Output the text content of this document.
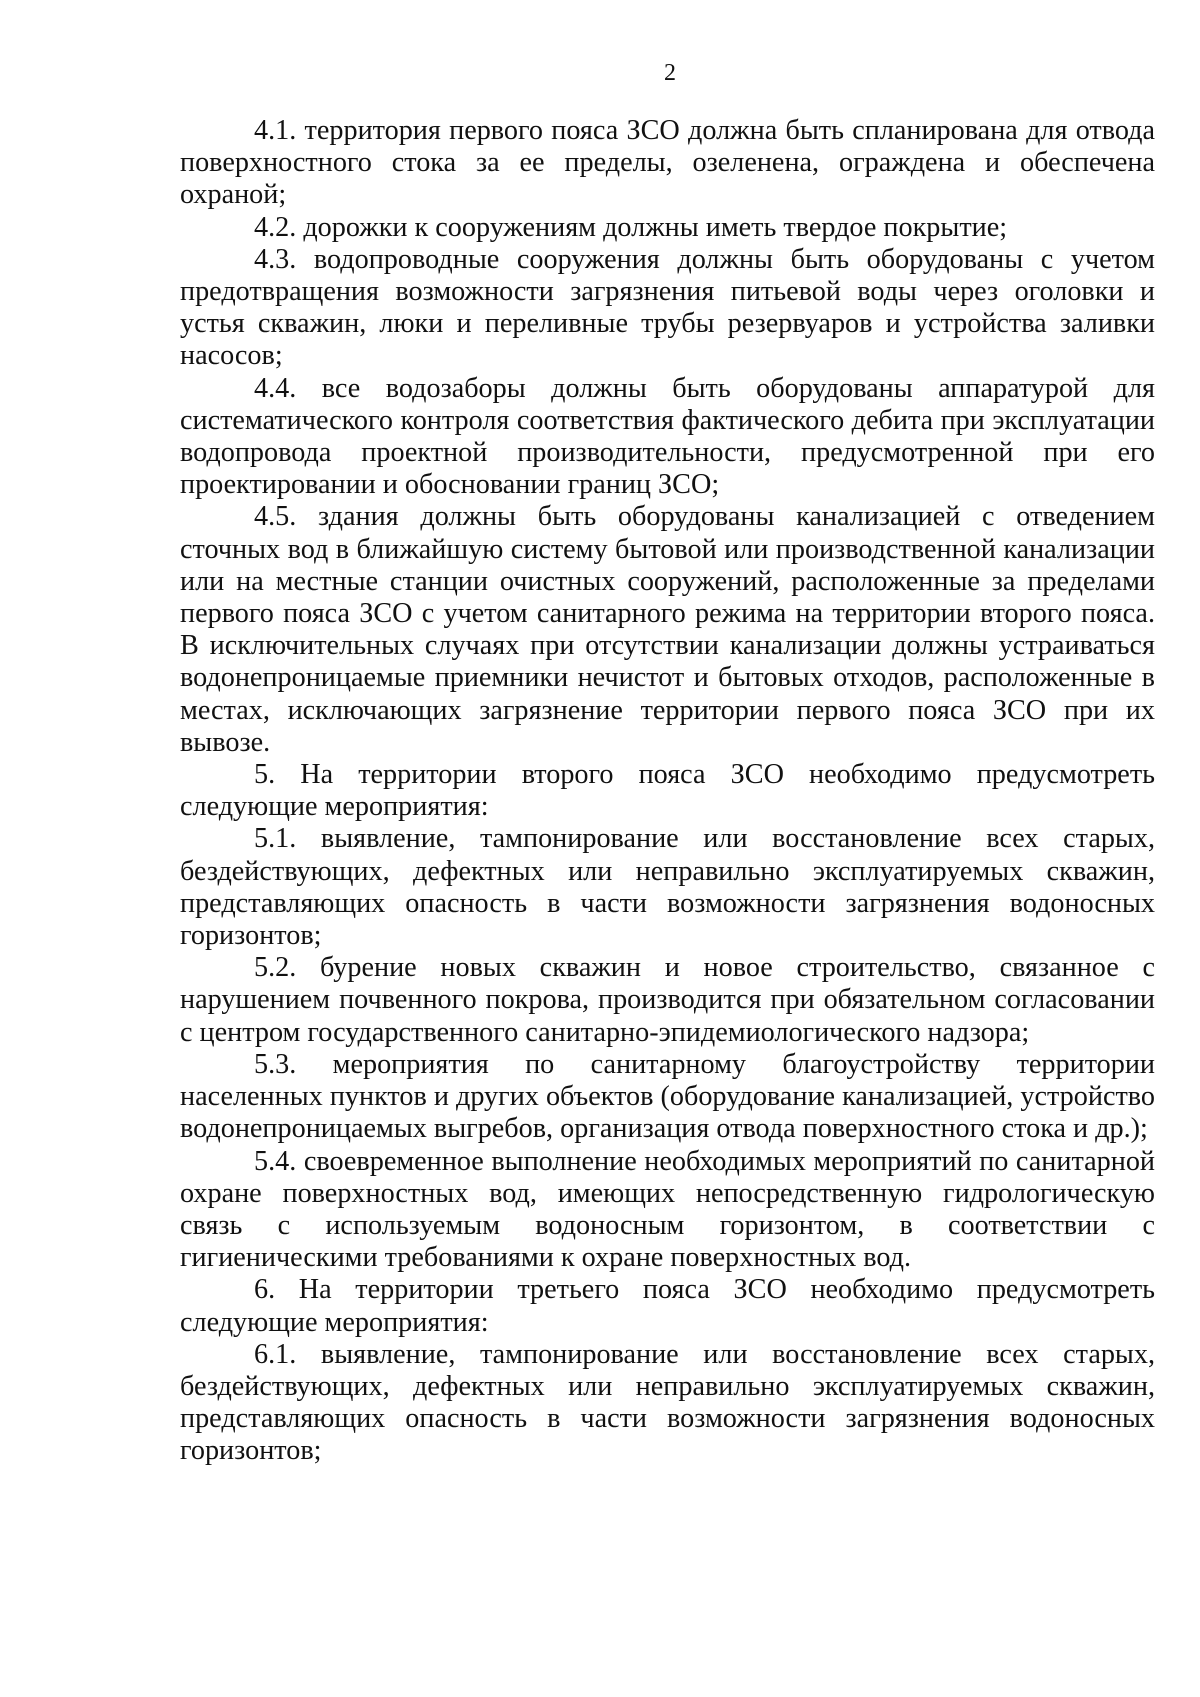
2

4.1. территория первого пояса ЗСО должна быть спланирована для отвода поверхностного стока за ее пределы, озеленена, ограждена и обеспечена охраной;

4.2. дорожки к сооружениям должны иметь твердое покрытие;

4.3. водопроводные сооружения должны быть оборудованы с учетом предотвращения возможности загрязнения питьевой воды через оголовки и устья скважин, люки и переливные трубы резервуаров и устройства заливки насосов;

4.4. все водозаборы должны быть оборудованы аппаратурой для систематического контроля соответствия фактического дебита при эксплуатации водопровода проектной производительности, предусмотренной при его проектировании и обосновании границ ЗСО;

4.5. здания должны быть оборудованы канализацией с отведением сточных вод в ближайшую систему бытовой или производственной канализации или на местные станции очистных сооружений, расположенные за пределами первого пояса ЗСО с учетом санитарного режима на территории второго пояса. В исключительных случаях при отсутствии канализации должны устраиваться водонепроницаемые приемники нечистот и бытовых отходов, расположенные в местах, исключающих загрязнение территории первого пояса ЗСО при их вывозе.

5. На территории второго пояса ЗСО необходимо предусмотреть следующие мероприятия:

5.1. выявление, тампонирование или восстановление всех старых, бездействующих, дефектных или неправильно эксплуатируемых скважин, представляющих опасность в части возможности загрязнения водоносных горизонтов;

5.2. бурение новых скважин и новое строительство, связанное с нарушением почвенного покрова, производится при обязательном согласовании с центром государственного санитарно-эпидемиологического надзора;

5.3. мероприятия по санитарному благоустройству территории населенных пунктов и других объектов (оборудование канализацией, устройство водонепроницаемых выгребов, организация отвода поверхностного стока и др.);

5.4. своевременное выполнение необходимых мероприятий по санитарной охране поверхностных вод, имеющих непосредственную гидрологическую связь с используемым водоносным горизонтом, в соответствии с гигиеническими требованиями к охране поверхностных вод.

6. На территории третьего пояса ЗСО необходимо предусмотреть следующие мероприятия:

6.1. выявление, тампонирование или восстановление всех старых, бездействующих, дефектных или неправильно эксплуатируемых скважин, представляющих опасность в части возможности загрязнения водоносных горизонтов;
